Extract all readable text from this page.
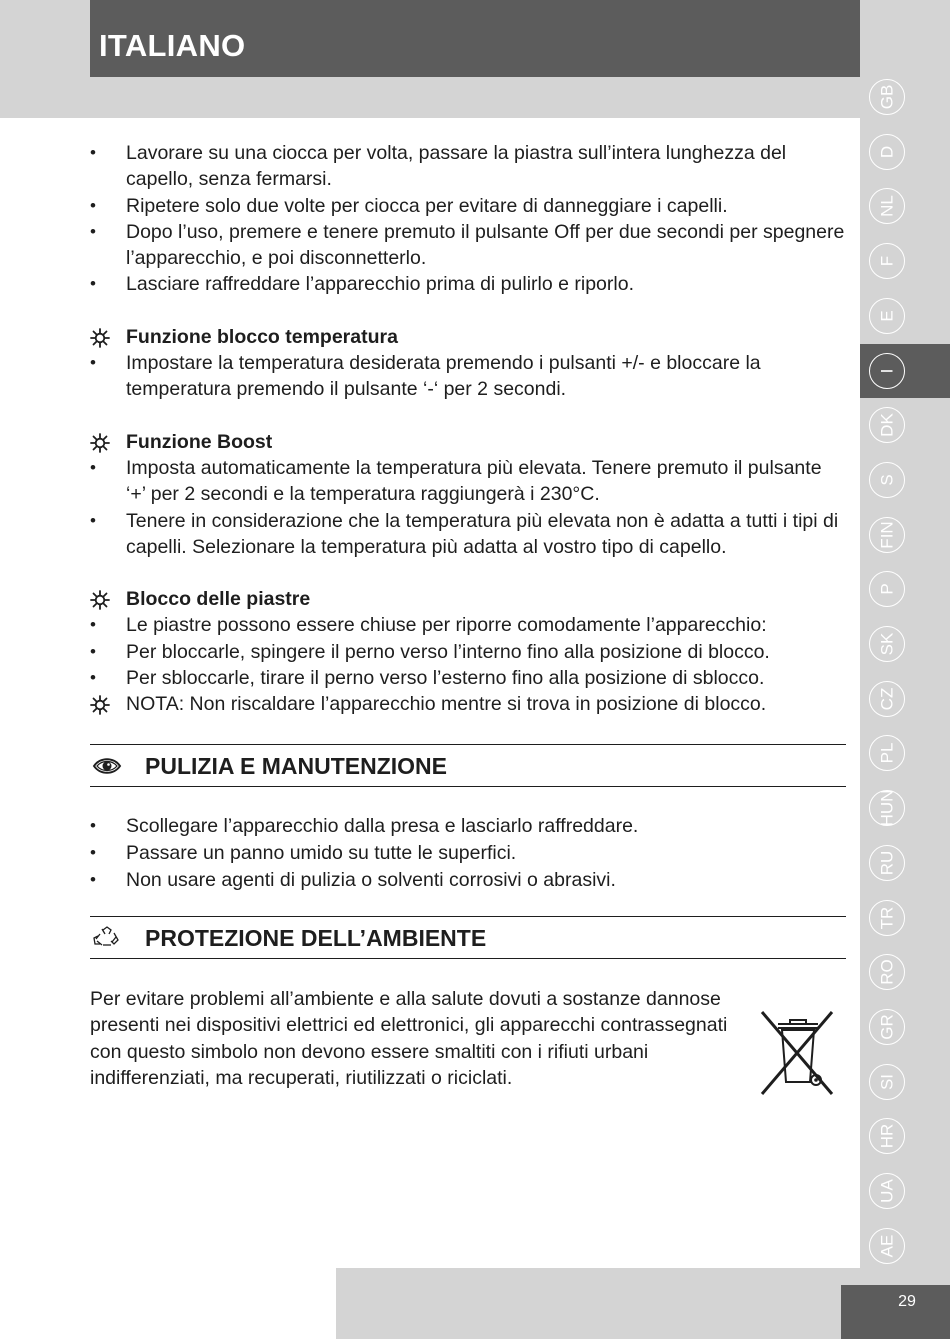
ITALIANO
29
GB
D
NL
F
E
I
DK
S
FIN
P
SK
CZ
PL
HUN
RU
TR
RO
GR
SI
HR
UA
AE
•	Lavorare su una ciocca per volta, passare la piastra sull’intera lunghezza del capello, senza fermarsi.
•	Ripetere solo due volte per ciocca per evitare di danneggiare i capelli.
•	Dopo l’uso, premere e tenere premuto il pulsante Off per due secondi per spegnere l’apparecchio, e poi disconnetterlo.
•	Lasciare raffreddare l’apparecchio prima di pulirlo e riporlo.
Funzione blocco temperatura
•	Impostare la temperatura desiderata premendo i pulsanti +/- e bloccare la temperatura premendo il pulsante ‘-‘ per 2 secondi.
Funzione Boost
•	Imposta automaticamente la temperatura più elevata. Tenere premuto il pulsante ‘+’ per 2 secondi e la temperatura raggiungerà i 230°C.
•	Tenere in considerazione che la temperatura più elevata non è adatta a tutti i tipi di capelli. Selezionare la temperatura più adatta al vostro tipo di capello.
Blocco delle piastre
•	Le piastre possono essere chiuse per riporre comodamente l’apparecchio:
•	Per bloccarle, spingere il perno verso l’interno fino alla posizione di blocco.
•	Per sbloccarle, tirare il perno verso l’esterno fino alla posizione di sblocco.
NOTA: Non riscaldare l’apparecchio mentre si trova in posizione di blocco.
PULIZIA E MANUTENZIONE
•	Scollegare l’apparecchio dalla presa e lasciarlo raffreddare.
•	Passare un panno umido su tutte le superfici.
•	Non usare agenti di pulizia o solventi corrosivi o abrasivi.
PROTEZIONE DELL’AMBIENTE

Per evitare problemi all’ambiente e alla salute dovuti a sostanze dannose presenti nei dispositivi elettrici ed elettronici, gli apparecchi contrassegnati con questo simbolo non devono essere smaltiti con i rifiuti urbani indifferenziati, ma recuperati, riutilizzati o riciclati.
